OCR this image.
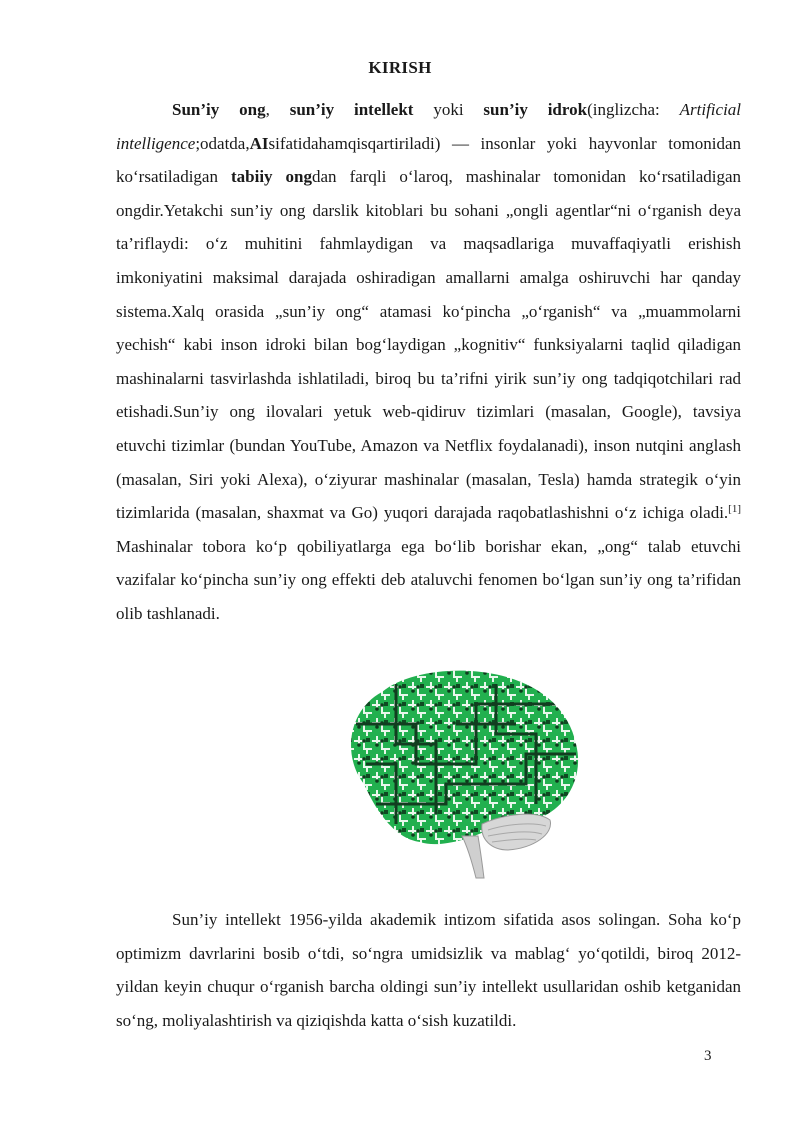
KIRISH

Sun’iy ong, sun’iy intellekt yoki sun’iy idrok(inglizcha: Artificial intelligence;odatda,AIsifatidahamqisqartiriladi) — insonlar yoki hayvonlar tomonidan koʻrsatiladigan tabiiy ongdan farqli oʻlaroq, mashinalar tomonidan koʻrsatiladigan ongdir.Yetakchi sun’iy ong darslik kitoblari bu sohani „ongli agentlar“ni oʻrganish deya ta’riflaydi: oʻz muhitini fahmlaydigan va maqsadlariga muvaffaqiyatli erishish imkoniyatini maksimal darajada oshiradigan amallarni amalga oshiruvchi har qanday sistema.Xalq orasida „sun’iy ong“ atamasi koʻpincha „oʻrganish“ va „muammolarni yechish“ kabi inson idroki bilan bogʻlaydigan „kognitiv“ funksiyalarni taqlid qiladigan mashinalarni tasvirlashda ishlatiladi, biroq bu ta’rifni yirik sun’iy ong tadqiqotchilari rad etishadi.Sun’iy ong ilovalari yetuk web-qidiruv tizimlari (masalan, Google), tavsiya etuvchi tizimlar (bundan YouTube, Amazon va Netflix foydalanadi), inson nutqini anglash (masalan, Siri yoki Alexa), oʻziyurar mashinalar (masalan, Tesla) hamda strategik oʻyin tizimlarida (masalan, shaxmat va Go) yuqori darajada raqobatlashishni oʻz ichiga oladi.[1] Mashinalar tobora koʻp qobiliyatlarga ega boʻlib borishar ekan, „ong“ talab etuvchi vazifalar koʻpincha sun’iy ong effekti deb ataluvchi fenomen boʻlgan sun’iy ong ta’rifidan olib tashlanadi.

Sun’iy intellekt 1956-yilda akademik intizom sifatida asos solingan. Soha koʻp optimizm davrlarini bosib oʻtdi, soʻngra umidsizlik va mablagʻ yoʻqotildi, biroq 2012-yildan keyin chuqur oʻrganish barcha oldingi sun’iy intellekt usullaridan oshib ketganidan soʻng, moliyalashtirish va qiziqishda katta oʻsish kuzatildi.

3
